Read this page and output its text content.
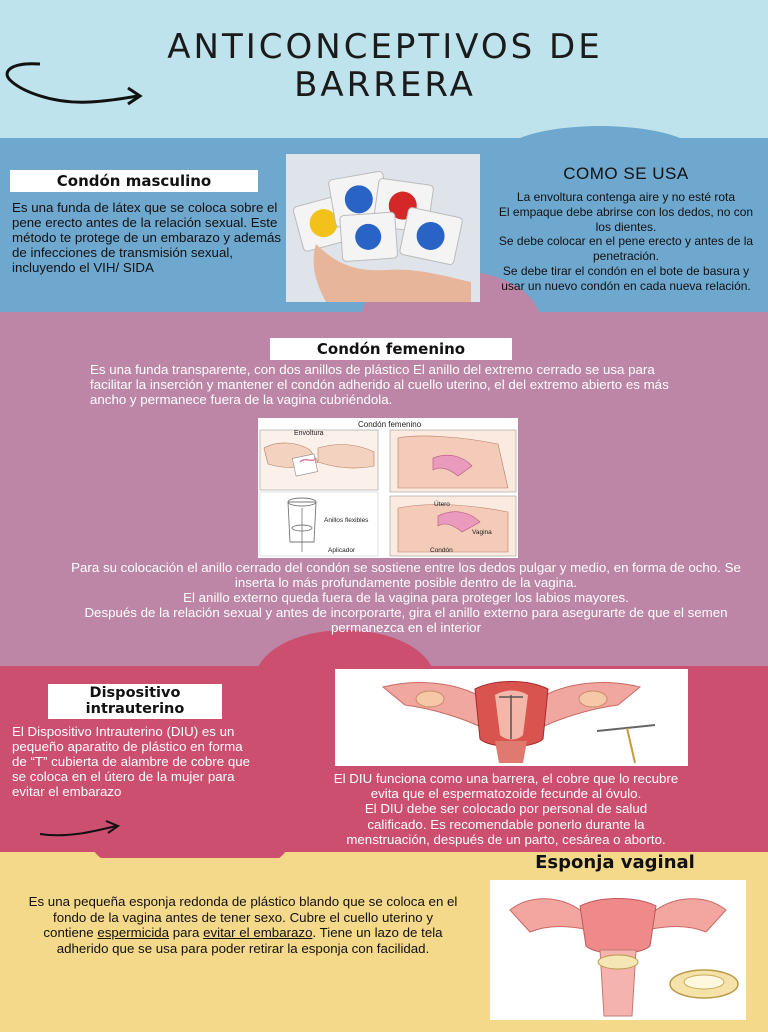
ANTICONCEPTIVOS DE
BARRERA
Condón masculino
Es una funda de látex que se coloca sobre el pene erecto antes de la relación sexual. Este método te protege de un embarazo y además de infecciones de transmisión sexual, incluyendo el VIH/ SIDA
COMO SE USA
La envoltura contenga aire y no esté rota
El empaque debe abrirse con los dedos, no con los dientes.
Se debe colocar en el pene erecto y antes de la penetración.
Se debe tirar el condón en el bote de basura y usar un nuevo condón en cada nueva relación.
Condón femenino
Es una funda transparente, con dos anillos de plástico El anillo del extremo cerrado se usa para facilitar la inserción y mantener el condón adherido al cuello uterino, el del extremo abierto es más ancho y permanece fuera de la vagina cubriéndola.
Condón femenino
Envoltura
Anillos flexibles
Aplicador
Útero
Vagina
Condón
Para su colocación el anillo cerrado del condón se sostiene entre los dedos pulgar y medio, en forma de ocho. Se inserta lo más profundamente posible dentro de la vagina.
El anillo externo queda fuera de la vagina para proteger los labios mayores.
Después de la relación sexual y antes de incorporarte, gira el anillo externo para asegurarte de que el semen permanezca en el interior
Dispositivo
intrauterino
El Dispositivo Intrauterino (DIU) es un pequeño aparatito de plástico en forma de “T” cubierta de alambre de cobre que se coloca en el útero de la mujer para evitar el embarazo
El DIU funciona como una barrera, el cobre que lo recubre
evita que el espermatozoide fecunde al óvulo.
El DIU debe ser colocado por personal de salud
calificado. Es recomendable ponerlo durante la
menstruación, después de un parto, cesárea o aborto.
Esponja vaginal
Es una pequeña esponja redonda de plástico blando que se coloca en el fondo de la vagina antes de tener sexo. Cubre el cuello uterino y contiene espermicida para evitar el embarazo. Tiene un lazo de tela adherido que se usa para poder retirar la esponja con facilidad.
